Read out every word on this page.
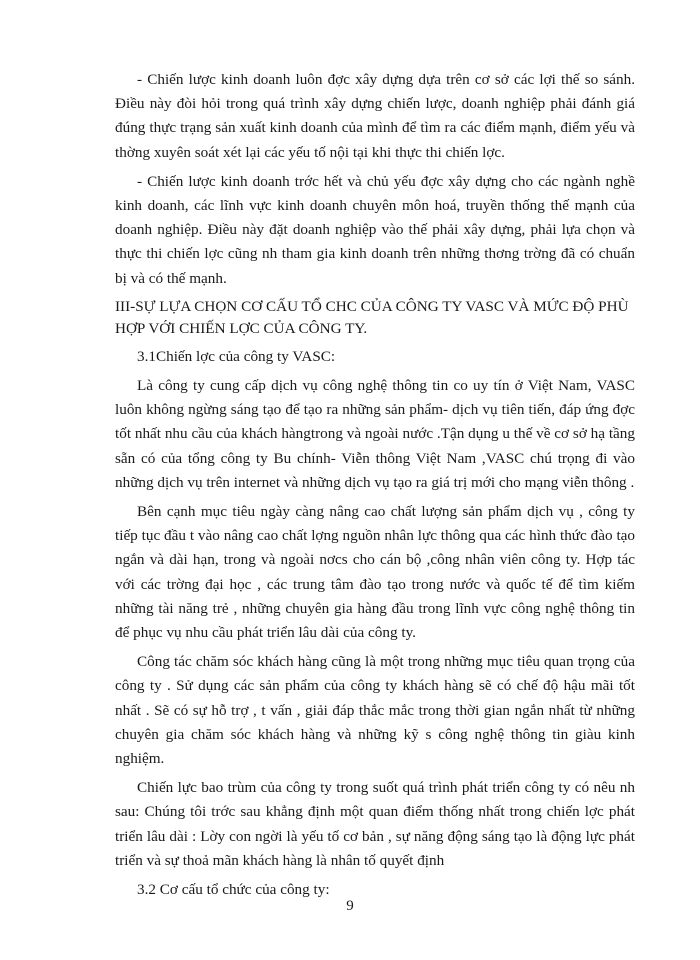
- Chiến lược kinh doanh luôn đợc xây dựng dựa trên cơ sở các lợi thế so sánh. Điều này đòi hỏi trong quá trình xây dựng chiến lược, doanh nghiệp phải đánh giá đúng thực trạng sản xuất kinh doanh của mình để tìm ra các điểm mạnh, điểm yếu và thờng xuyên soát xét lại các yếu tố nội tại khi thực thi chiến lợc.

- Chiến lược kinh doanh trớc hết và chủ yếu đợc xây dựng cho các ngành nghề kinh doanh, các lĩnh vực kinh doanh chuyên môn hoá, truyền thống thế mạnh của doanh nghiệp. Điều này đặt doanh nghiệp vào thế phải xây dựng, phải lựa chọn và thực thi chiến lợc cũng nh tham gia kinh doanh trên những thơng trờng đã có chuẩn bị và có thế mạnh.

III-SỰ LỰA CHỌN CƠ CẤU TỔ CHC CỦA CÔNG TY VASC VÀ MỨC ĐỘ PHÙ HỢP VỚI CHIẾN LỢC CỦA CÔNG TY.

3.1Chiến lợc của công ty VASC:

Là công ty cung cấp dịch vụ công nghệ thông tin co uy tín ở Việt Nam, VASC luôn không ngừng sáng tạo để tạo ra những sản phẩm- dịch vụ tiên tiến, đáp ứng đợc tốt nhất nhu cầu của khách hàngtrong và ngoài nước .Tận dụng u thế về cơ sở hạ tầng sẵn có của tổng công ty Bu chính- Viễn thông Việt Nam ,VASC chú trọng đi vào những dịch vụ trên internet và những dịch vụ tạo ra giá trị mới cho mạng viễn thông .

Bên cạnh mục tiêu ngày càng nâng cao chất lượng sản phẩm dịch vụ , công ty tiếp tục đầu t vào nâng cao chất lợng nguồn nhân lực thông qua các hình thức đào tạo ngắn và dài hạn, trong và ngoài nơcs cho cán bộ ,công nhân viên công ty. Hợp tác với các trờng đại học , các trung tâm đào tạo trong nước và quốc tế để tìm kiếm những tài năng trẻ , những chuyên gia hàng đầu trong lĩnh vực công nghệ thông tin để phục vụ nhu cầu phát triển lâu dài của công ty.

Công tác chăm sóc khách hàng cũng là một trong những mục tiêu quan trọng của công ty . Sử dụng các sản phẩm của công ty khách hàng sẽ có chế độ hậu mãi tốt nhất . Sẽ có sự hỗ trợ , t vấn , giải đáp thắc mắc trong thời gian ngắn nhất từ những chuyên gia chăm sóc khách hàng và những kỹ s công nghệ thông tin giàu kinh nghiệm.

Chiến lực bao trùm của công ty trong suốt quá trình phát triển công ty có nêu nh sau: Chúng tôi trớc sau khẳng định một quan điểm thống nhất trong chiến lợc phát triển lâu dài : Lờy con ngời là yếu tố cơ bản , sự năng động sáng tạo là động lực phát triển và sự thoả mãn khách hàng là nhân tố quyết định

3.2 Cơ cấu tổ chức của công ty:

9
